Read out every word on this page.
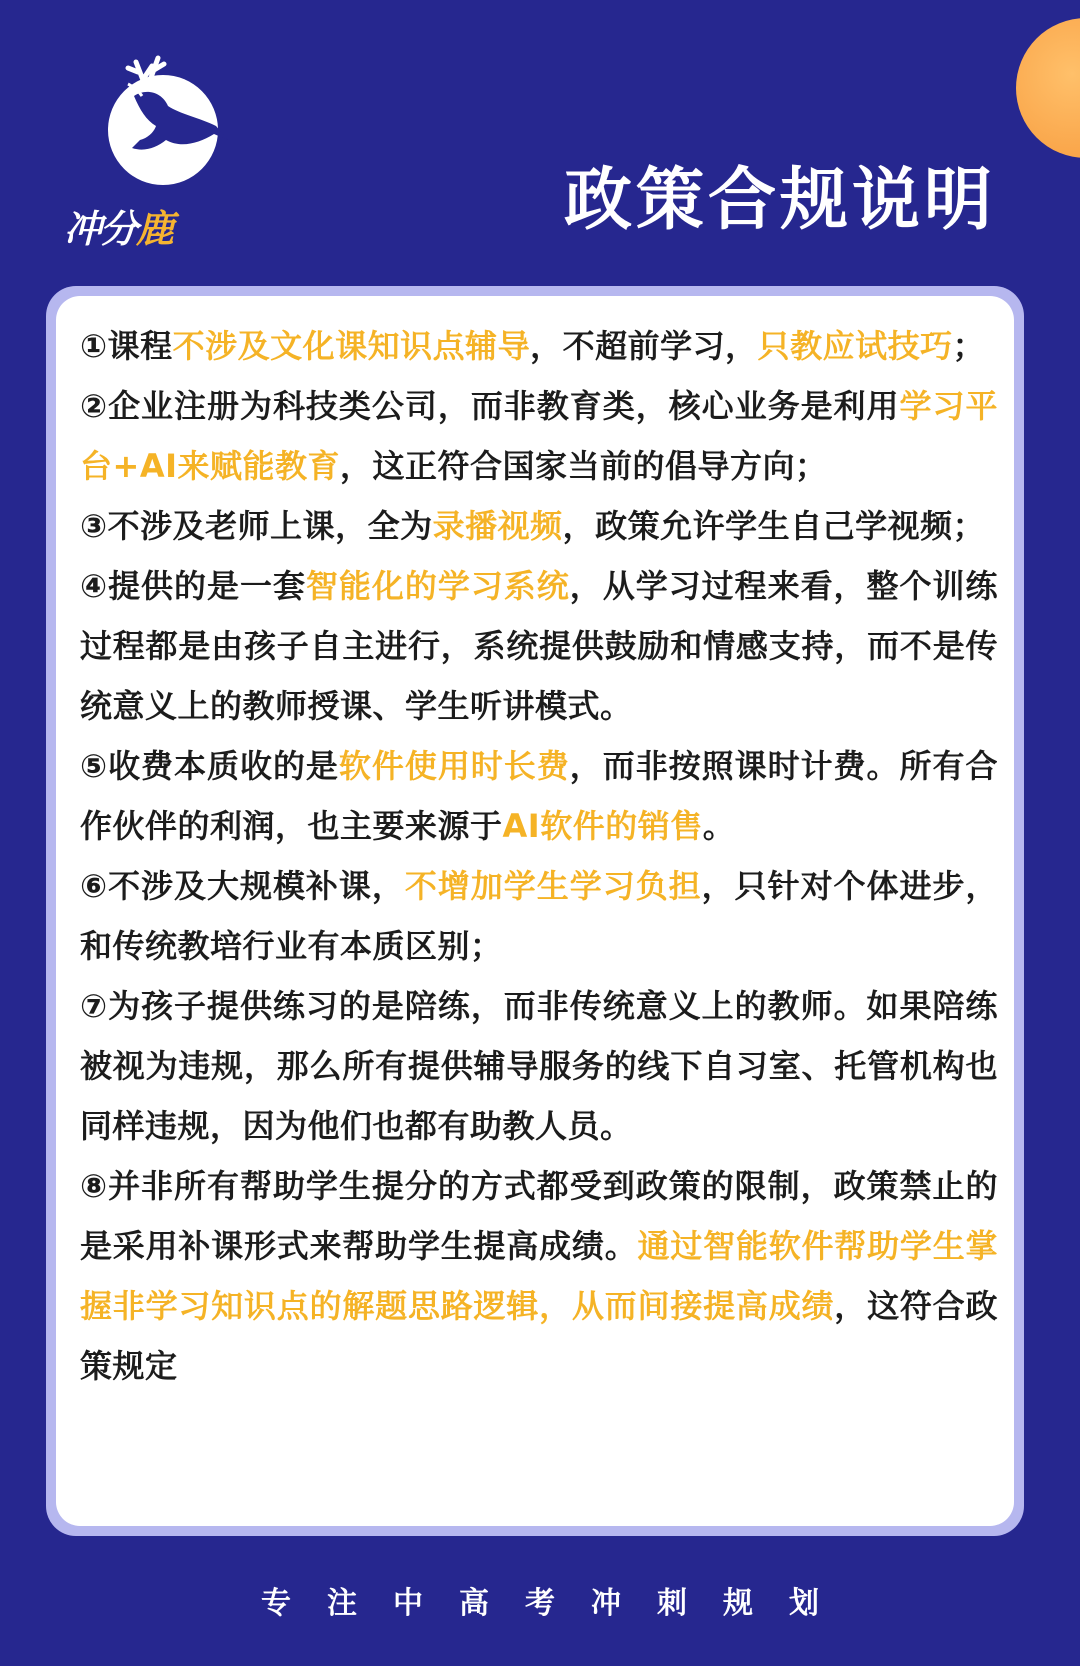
冲分鹿	政策合规说明

①课程不涉及文化课知识点辅导，不超前学习，只教应试技巧；

②企业注册为科技类公司，而非教育类，核心业务是利用学习平台+AI来赋能教育，这正符合国家当前的倡导方向；

③不涉及老师上课，全为录播视频，政策允许学生自己学视频；

④提供的是一套智能化的学习系统，从学习过程来看，整个训练过程都是由孩子自主进行，系统提供鼓励和情感支持，而不是传统意义上的教师授课、学生听讲模式。

⑤收费本质收的是软件使用时长费，而非按照课时计费。所有合作伙伴的利润，也主要来源于AI软件的销售。

⑥不涉及大规模补课，不增加学生学习负担，只针对个体进步，和传统教培行业有本质区别；

⑦为孩子提供练习的是陪练，而非传统意义上的教师。如果陪练被视为违规，那么所有提供辅导服务的线下自习室、托管机构也同样违规，因为他们也都有助教人员。

⑧并非所有帮助学生提分的方式都受到政策的限制，政策禁止的是采用补课形式来帮助学生提高成绩。通过智能软件帮助学生掌握非学习知识点的解题思路逻辑，从而间接提高成绩，这符合政策规定

专注中高考冲刺规划
